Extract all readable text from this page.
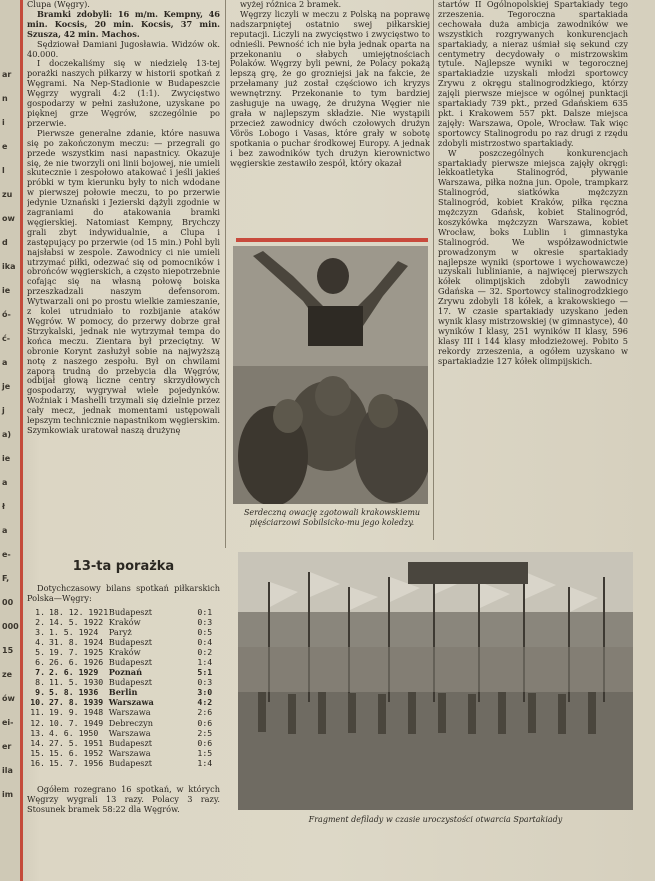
ar
n
i
e
l
zu
ow
d
ika
ie
ó-
ć-
a
je
j
a)
ie
a
ł
a
e-
F,
00
000
15
ze
ów
ei-
er
ila
im

Clupa (Węgry).

Bramki zdobyli: 16 m/m. Kempny, 46 min. Kocsis, 20 min. Kocsis, 37 min. Szusza, 42 min. Machos.

Sędziował Damiani Jugosławia. Widzów ok. 40.000.

I doczekaliśmy się w niedzielę 13-tej porażki naszych piłkarzy w historii spotkań z Węgrami. Na Nep-Stadionie w Budapeszcie Węgrzy wygrali 4:2 (1:1). Zwycięstwo gospodarzy w pełni zasłużone, uzyskane po pięknej grze Węgrów, szczególnie po przerwie.

Pierwsze generalne zdanie, które nasuwa się po zakończonym meczu: — przegrali go przede wszystkim nasi napastnicy. Okazuje się, że nie tworzyli oni linii bojowej, nie umieli skutecznie i zespołowo atakować i jeśli jakieś próbki w tym kierunku były to nich wdodane w pierwszej połowie meczu, to po przerwie jedynie Uznański i Jezierski dążyli zgodnie w zagraniami do atakowania bramki węgierskiej. Natomiast Kempny, Brychczy grali zbyt indywidualnie, a Clupa i zastępujący po przerwie (od 15 min.) Pohl byli najsłabsi w zespole. Zawodnicy ci nie umieli utrzymać piłki, odezwać się od pomocników i obrońców węgierskich, a często niepotrzebnie cofając się na własną połowę boiska przeszkadzali naszym defensorom. Wytwarzali oni po prostu wielkie zamieszanie, z kolei utrudniało to rozbijanie ataków Węgrów. W pomocy, do przerwy dobrze grał Strzykalski, jednak nie wytrzymał tempa do końca meczu. Zientara był przeciętny. W obronie Korynt zasłużył sobie na najwyższą notę z naszego zespołu. Był on chwilami zaporą trudną do przebycia dla Węgrów, odbijał głową liczne centry skrzydłowych gospodarzy, wygrywał wiele pojedynków. Woźniak i Mashelli trzymali się dzielnie przez cały mecz, jednak momentami ustępowali lepszym technicznie napastnikom węgierskim. Szymkowiak uratował naszą drużynę

13-ta porażka

Dotychczasowy bilans spotkań piłkarskich Polska—Węgry:

1.	18. 12. 1921	Budapeszt	0:1
2.	14. 5. 1922	Kraków	0:3
3.	1. 5. 1924	Paryż	0:5
4.	31. 8. 1924	Budapeszt	0:4
5.	19. 7. 1925	Kraków	0:2
6.	26. 6. 1926	Budapeszt	1:4
7.	2. 6. 1929	Poznań	5:1
8.	11. 5. 1930	Budapeszt	0:3
9.	5. 8. 1936	Berlin	3:0
10.	27. 8. 1939	Warszawa	4:2
11.	19. 9. 1948	Warszawa	2:6
12.	10. 7. 1949	Debreczyn	0:6
13.	4. 6. 1950	Warszawa	2:5
14.	27. 5. 1951	Budapeszt	0:6
15.	15. 6. 1952	Warszawa	1:5
16.	15. 7. 1956	Budapeszt	1:4

Ogółem rozegrano 16 spotkań, w których Węgrzy wygrali 13 razy. Polacy 3 razy. Stosunek bramek 58:22 dla Węgrów.

wyżej różnica 2 bramek.

Węgrzy liczyli w meczu z Polską na poprawę nadszarpniętej ostatnio swej piłkarskiej reputacji. Liczyli na zwycięstwo i zwycięstwo to odnieśli. Pewność ich nie była jednak oparta na przekonaniu o słabych umiejętnościach Polaków. Węgrzy byli pewni, że Polacy pokażą lepszą grę, że go grozniejsi jak na fakcie, że przełamany już został częściowo ich kryzys wewnętrzny. Przekonanie to tym bardziej zasługuje na uwagę, że drużyna Węgier nie grała w najlepszym składzie. Nie wystąpili przecież zawodnicy dwóch czołowych drużyn Vörös Lobogo i Vasas, które grały w sobotę spotkania o puchar środkowej Europy. A jednak i bez zawodników tych drużyn kierownictwo węgierskie zestawiło zespół, który okazał

Serdeczną owację zgotowali krakowskiemu pięściarzowi Sobilsicko-mu jego koledzy.

startów II Ogólnopolskiej Spartakiady tego zrzeszenia. Tegoroczna spartakiada cechowała duża ambicja zawodników we wszystkich rozgrywanych konkurencjach spartakiady, a nieraz uśmiał się sekund czy centymetry decydowały o mistrzowskim tytule. Najlepsze wyniki w tegorocznej spartakiadzie uzyskali młodzi sportowcy Zrywu z okręgu stalinogrodzkiego, którzy zajęli pierwsze miejsce w ogólnej punktacji spartakiady 739 pkt., przed Gdańskiem 635 pkt. i Krakowem 557 pkt. Dalsze miejsca zajęły: Warszawa, Opole, Wrocław. Tak więc sportowcy Stalinogrodu po raz drugi z rzędu zdobyli mistrzostwo spartakiady.

W poszczególnych konkurencjach spartakiady pierwsze miejsca zajęły okręgi: lekkoatletyka Stalinogród, pływanie Warszawa, piłka nożna jun. Opole, trampkarz Stalinogród, siatkówka mężczyzn Stalinogród, kobiet Kraków, piłka ręczna mężczyzn Gdańsk, kobiet Stalinogród, koszykówka mężczyzn Warszawa, kobiet Wrocław, boks Lublin i gimnastyka Stalinogród. We współzawodnictwie prowadzonym w okresie spartakiady najlepsze wyniki (sportowe i wychowawcze) uzyskali lublinianie, a najwięcej pierwszych kółek olimpijskich zdobyli zawodnicy Gdańska — 32. Sportowcy stalinogrodzkiego Zrywu zdobyli 18 kółek, a krakowskiego — 17. W czasie spartakiady uzyskano jeden wynik klasy mistrzowskiej (w gimnastyce), 40 wyników I klasy, 251 wyników II klasy, 596 klasy III i 144 klasy młodzieżowej. Pobito 5 rekordy zrzeszenia, a ogółem uzyskano w spartakiadzie 127 kółek olimpijskich.

Fragment defilady w czasie uroczystości otwarcia Spartakiady
